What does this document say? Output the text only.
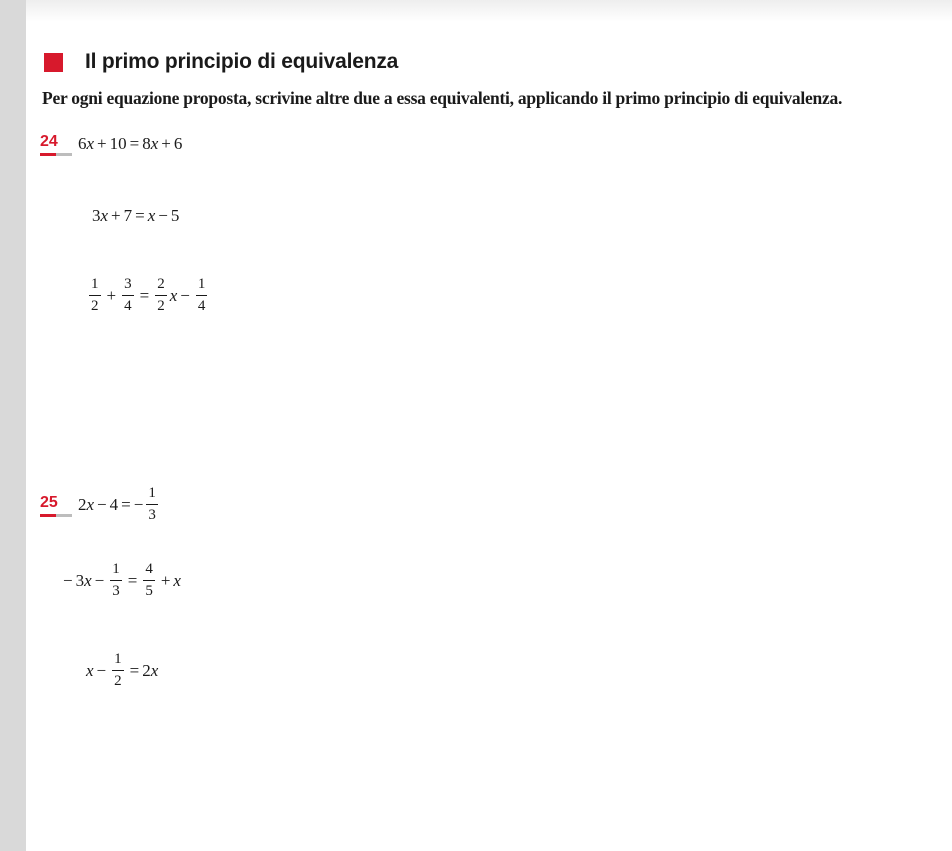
Il primo principio di equivalenza
Per ogni equazione proposta, scrivine altre due a essa equivalenti, applicando il primo principio di equivalenza.
24	6 x + 10 = 8 x + 6
3 x + 7 = x − 5
$\frac{1}{2} + \frac{3}{4} = \frac{2}{2}$ $x - \frac{1}{4}$
25	2 x − 4 = − $\frac{1}{3}$
− 3 $x - \frac{1}{3} = \frac{4}{5} + x$
$x - \frac{1}{2} = 2$ x
